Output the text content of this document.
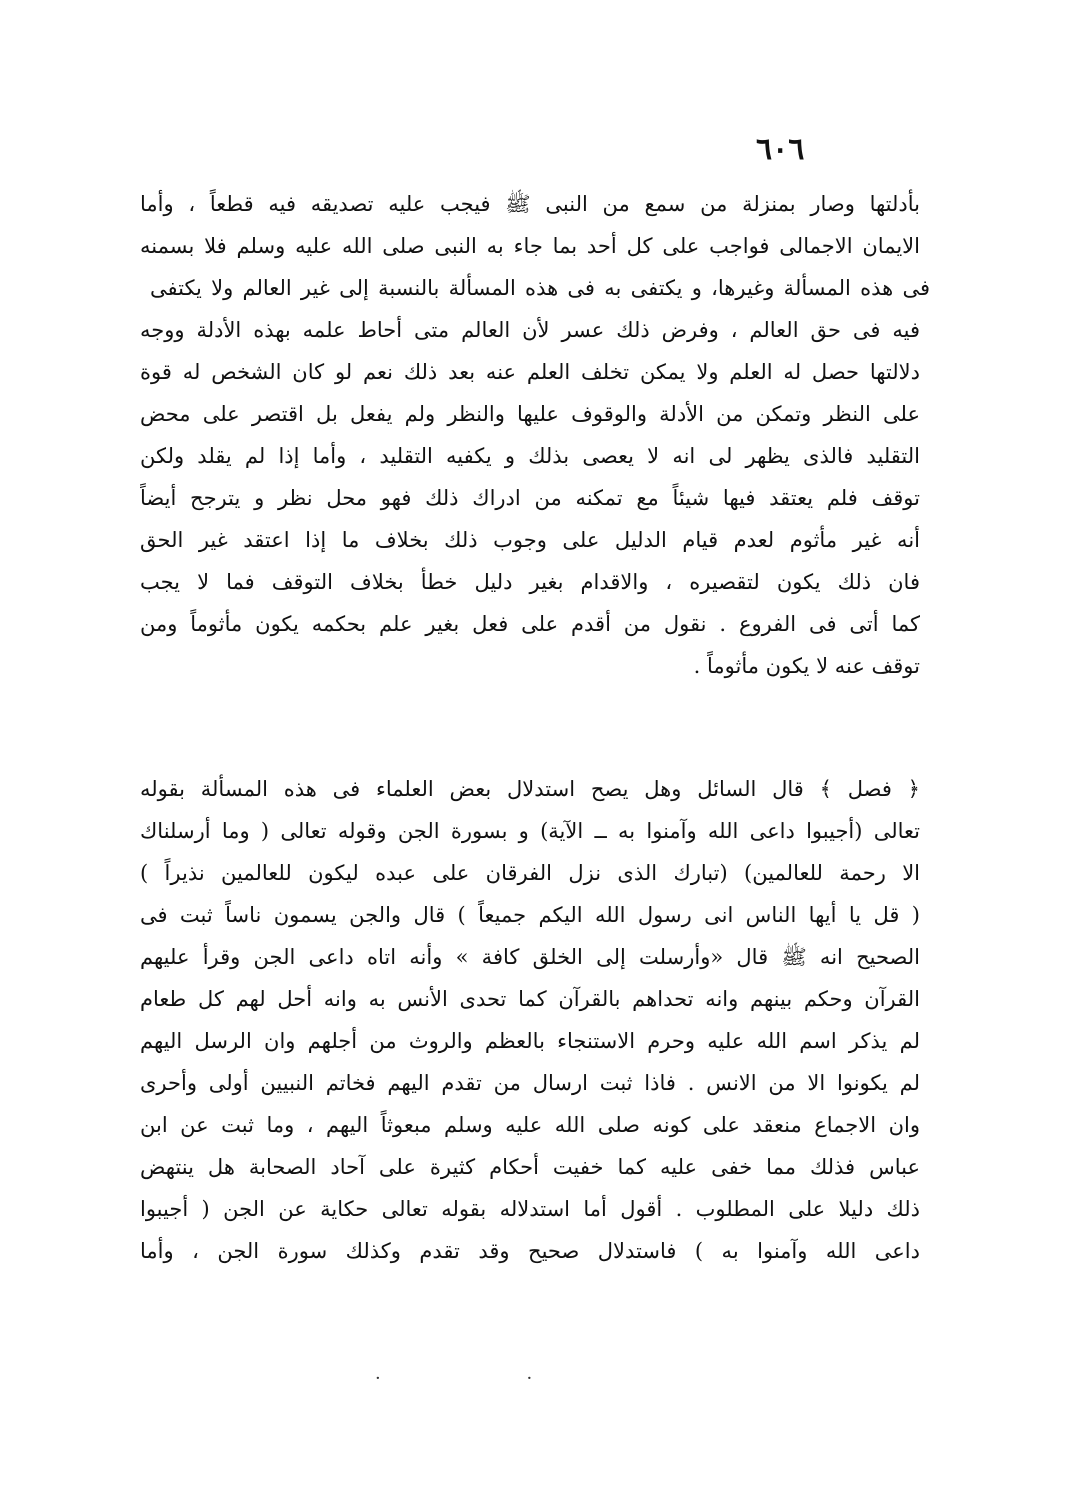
٦٠٦
بأدلتها وصار بمنزلة من سمع من النبى ﷺ فيجب عليه تصديقه فيه قطعاً ، وأما
الايمان الاجمالى فواجب على كل أحد بما جاء به النبى صلى الله عليه وسلم فلا بسمنه
فى هذه المسألة وغيرها، و يكتفى به فى هذه المسألة بالنسبة إلى غير العالم ولا يكتفى
فيه فى حق العالم ، وفرض ذلك عسر لأن العالم متى أحاط علمه بهذه الأدلة ووجه
دلالتها حصل له العلم ولا يمكن تخلف العلم عنه بعد ذلك نعم لو كان الشخص له قوة
على النظر وتمكن من الأدلة والوقوف عليها والنظر ولم يفعل بل اقتصر على محض
التقليد فالذى يظهر لى انه لا يعصى بذلك و يكفيه التقليد ، وأما إذا لم يقلد ولكن
توقف فلم يعتقد فيها شيئاً مع تمكنه من ادراك ذلك فهو محل نظر و يترجح أيضاً
أنه غير مأثوم لعدم قيام الدليل على وجوب ذلك بخلاف ما إذا اعتقد غير الحق
فان ذلك يكون لتقصيره ، والاقدام بغير دليل خطأ بخلاف التوقف فما لا يجب
كما أتى فى الفروع . نقول من أقدم على فعل بغير علم بحكمه يكون مأثوماً ومن
توقف عنه لا يكون مأثوماً .
﴿ فصل ﴾ قال السائل وهل يصح استدلال بعض العلماء فى هذه المسألة بقوله
تعالى (أجيبوا داعى الله وآمنوا به ــ الآية) و بسورة الجن وقوله تعالى ( وما أرسلناك
الا رحمة للعالمين) (تبارك الذى نزل الفرقان على عبده ليكون للعالمين نذيراً )
( قل يا أيها الناس انى رسول الله اليكم جميعاً ) قال والجن يسمون ناساً ثبت فى
الصحيح انه ﷺ قال «وأرسلت إلى الخلق كافة » وأنه اتاه داعى الجن وقرأ عليهم
القرآن وحكم بينهم وانه تحداهم بالقرآن كما تحدى الأنس به وانه أحل لهم كل طعام
لم يذكر اسم الله عليه وحرم الاستنجاء بالعظم والروث من أجلهم وان الرسل اليهم
لم يكونوا الا من الانس . فاذا ثبت ارسال من تقدم اليهم فخاتم النبيين أولى وأحرى
وان الاجماع منعقد على كونه صلى الله عليه وسلم مبعوثاً اليهم ، وما ثبت عن ابن
عباس فذلك مما خفى عليه كما خفيت أحكام كثيرة على آحاد الصحابة هل ينتهض
ذلك دليلا على المطلوب . أقول أما استدلاله بقوله تعالى حكاية عن الجن ( أجيبوا
داعى الله وآمنوا به ) فاستدلال صحيح وقد تقدم وكذلك سورة الجن ، وأما
· ·
